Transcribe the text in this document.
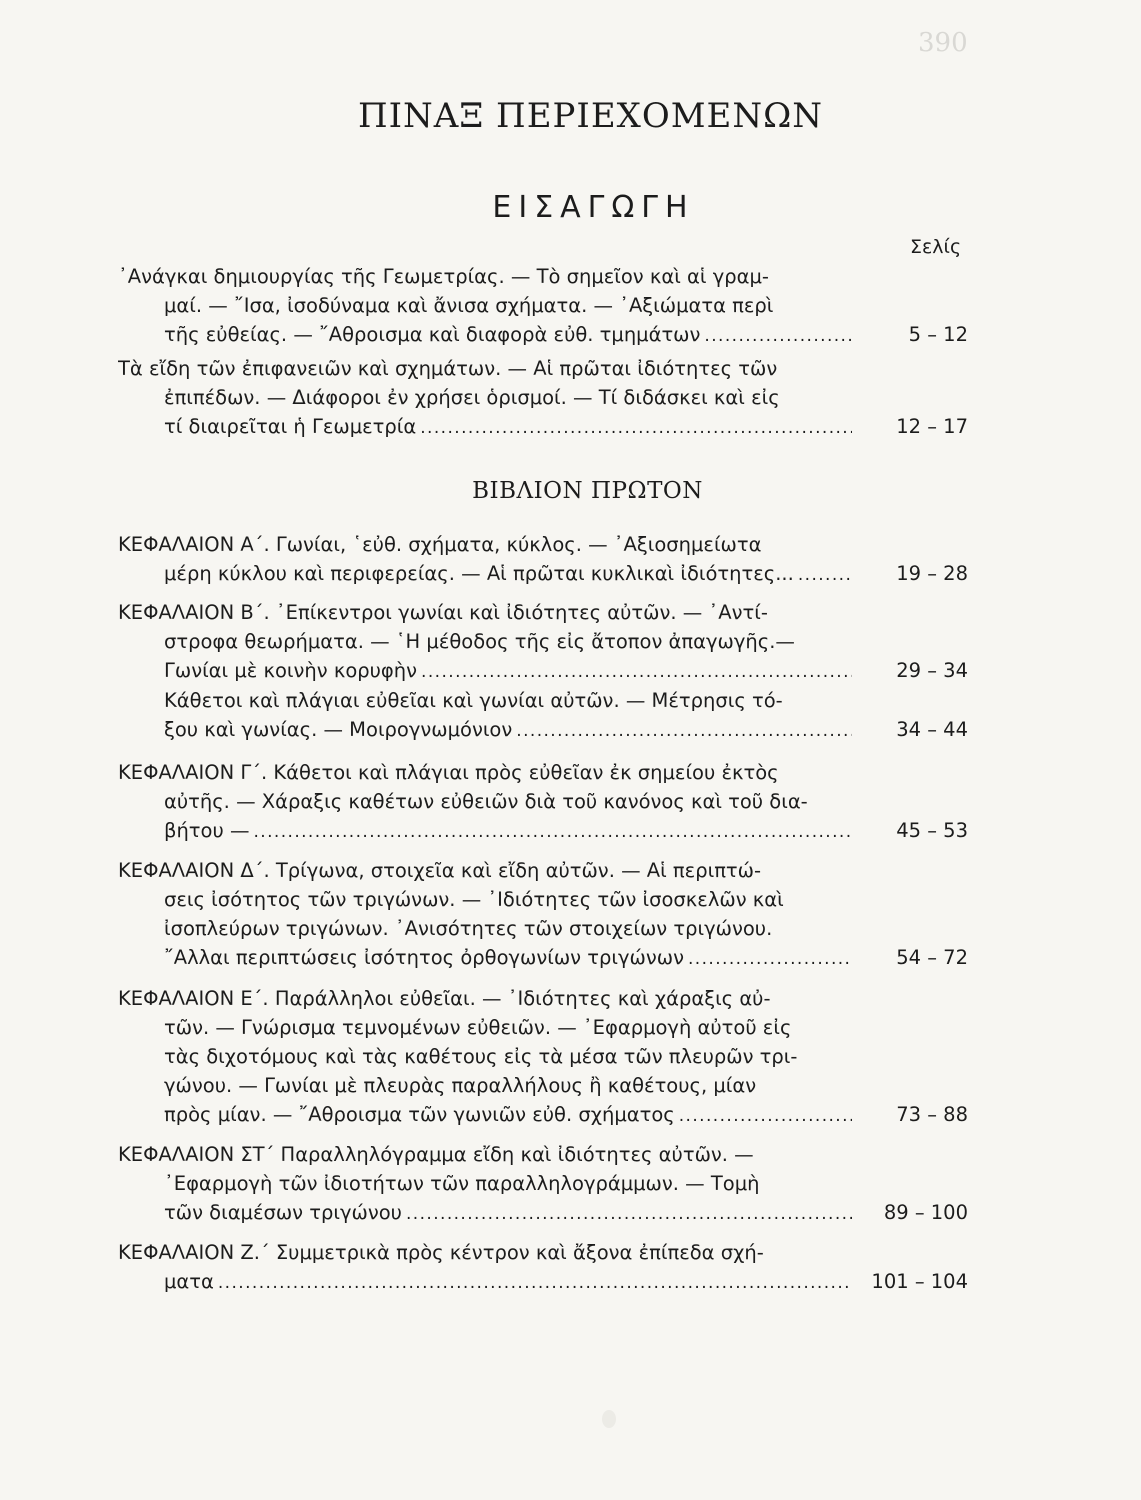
390
ΠΙΝΑΞ ΠΕΡΙΕΧΟΜΕΝΩΝ
ΕΙΣΑΓΩΓΗ
Σελίς
ΒΙΒΛΙΟΝ ΠΡΩΤΟΝ
᾽Ανάγκαι δημιουργίας τῆς Γεωμετρίας. — Τὸ σημεῖον καὶ αἱ γραμ-
μαί. — ῎Ισα, ἰσοδύναμα καὶ ἄνισα σχήματα. — ᾽Αξιώματα περὶ
τῆς εὐθείας. — ῎Αθροισμα καὶ διαφορὰ εὐθ. τμημάτων . . .	5 – 12
Τὰ εἴδη τῶν ἐπιφανειῶν καὶ σχημάτων. — Αἱ πρῶται ἰδιότητες τῶν
ἐπιπέδων. — Διάφοροι ἐν χρήσει ὁρισμοί. — Τί διδάσκει καὶ εἰς
τί διαιρεῖται ἡ Γεωμετρία . . .	12 – 17
ΚΕΦΑΛΑΙΟΝ Α΄. Γωνίαι, ῾εὐθ. σχήματα, κύκλος. — ᾽Αξιοσημείωτα
μέρη κύκλου καὶ περιφερείας. — Αἱ πρῶται κυκλικαὶ ἰδιότητες... . . .	19 – 28
ΚΕΦΑΛΑΙΟΝ Β΄. ᾽Επίκεντροι γωνίαι καὶ ἰδιότητες αὐτῶν. — ᾽Αντί-
στροφα θεωρήματα. — ῾Η μέθοδος τῆς εἰς ἄτοπον ἀπαγωγῆς.—
Γωνίαι μὲ κοινὴν κορυφὴν . . .	29 – 34
Κάθετοι καὶ πλάγιαι εὐθεῖαι καὶ γωνίαι αὐτῶν. — Μέτρησις τό-
ξου καὶ γωνίας. — Μοιρογνωμόνιον . . .	34 – 44
ΚΕΦΑΛΑΙΟΝ Γ΄. Κάθετοι καὶ πλάγιαι πρὸς εὐθεῖαν ἐκ σημείου ἐκτὸς
αὐτῆς. — Χάραξις καθέτων εὐθειῶν διὰ τοῦ κανόνος καὶ τοῦ δια-
βήτου — . . .	45 – 53
ΚΕΦΑΛΑΙΟΝ Δ΄. Τρίγωνα, στοιχεῖα καὶ εἴδη αὐτῶν. — Αἱ περιπτώ-
σεις ἰσότητος τῶν τριγώνων. — ᾽Ιδιότητες τῶν ἰσοσκελῶν καὶ
ἰσοπλεύρων τριγώνων. ᾽Ανισότητες τῶν στοιχείων τριγώνου.
῎Αλλαι περιπτώσεις ἰσότητος ὀρθογωνίων τριγώνων . . .	54 – 72
ΚΕΦΑΛΑΙΟΝ Ε΄. Παράλληλοι εὐθεῖαι. — ᾽Ιδιότητες καὶ χάραξις αὐ-
τῶν. — Γνώρισμα τεμνομένων εὐθειῶν. — ᾽Εφαρμογὴ αὐτοῦ εἰς
τὰς διχοτόμους καὶ τὰς καθέτους εἰς τὰ μέσα τῶν πλευρῶν τρι-
γώνου. — Γωνίαι μὲ πλευρὰς παραλλήλους ἢ καθέτους, μίαν
πρὸς μίαν. — ῎Αθροισμα τῶν γωνιῶν εὐθ. σχήματος . . .	73 – 88
ΚΕΦΑΛΑΙΟΝ ΣΤ΄ Παραλληλόγραμμα εἴδη καὶ ἰδιότητες αὐτῶν. —
᾽Εφαρμογὴ τῶν ἰδιοτήτων τῶν παραλληλογράμμων. — Τομὴ
τῶν διαμέσων τριγώνου . . .	89 – 100
ΚΕΦΑΛΑΙΟΝ Ζ.΄ Συμμετρικὰ πρὸς κέντρον καὶ ἄξονα ἐπίπεδα σχή-
ματα . . .	101 – 104
